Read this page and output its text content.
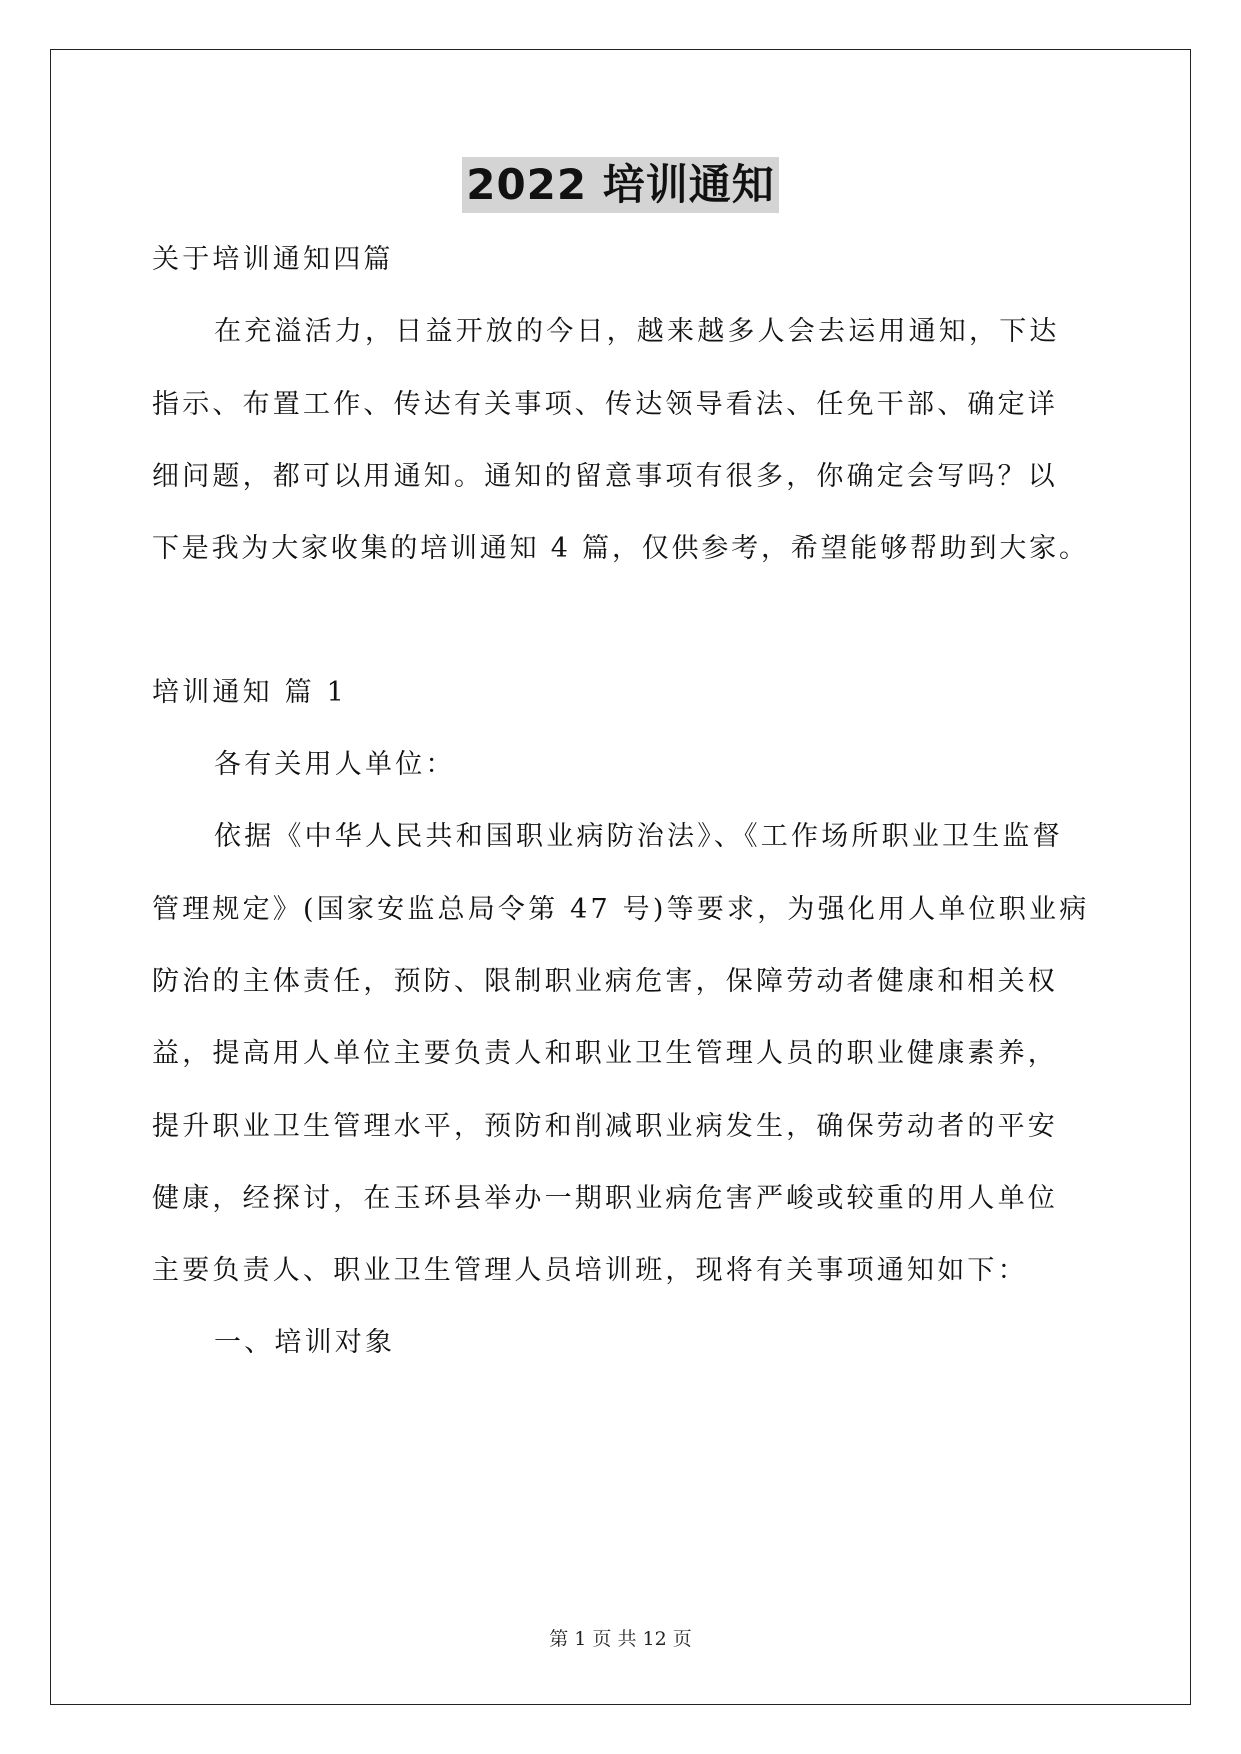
2022 培训通知
关于培训通知四篇
在充溢活力，日益开放的今日，越来越多人会去运用通知，下达
指示、布置工作、传达有关事项、传达领导看法、任免干部、确定详
细问题，都可以用通知。通知的留意事项有很多，你确定会写吗？以
下是我为大家收集的培训通知 4 篇，仅供参考，希望能够帮助到大家。
培训通知 篇 1
各有关用人单位：
依据《中华人民共和国职业病防治法》、《工作场所职业卫生监督
管理规定》(国家安监总局令第 47 号)等要求，为强化用人单位职业病
防治的主体责任，预防、限制职业病危害，保障劳动者健康和相关权
益，提高用人单位主要负责人和职业卫生管理人员的职业健康素养，
提升职业卫生管理水平，预防和削减职业病发生，确保劳动者的平安
健康，经探讨，在玉环县举办一期职业病危害严峻或较重的用人单位
主要负责人、职业卫生管理人员培训班，现将有关事项通知如下：
一、培训对象
第 1 页 共 12 页
